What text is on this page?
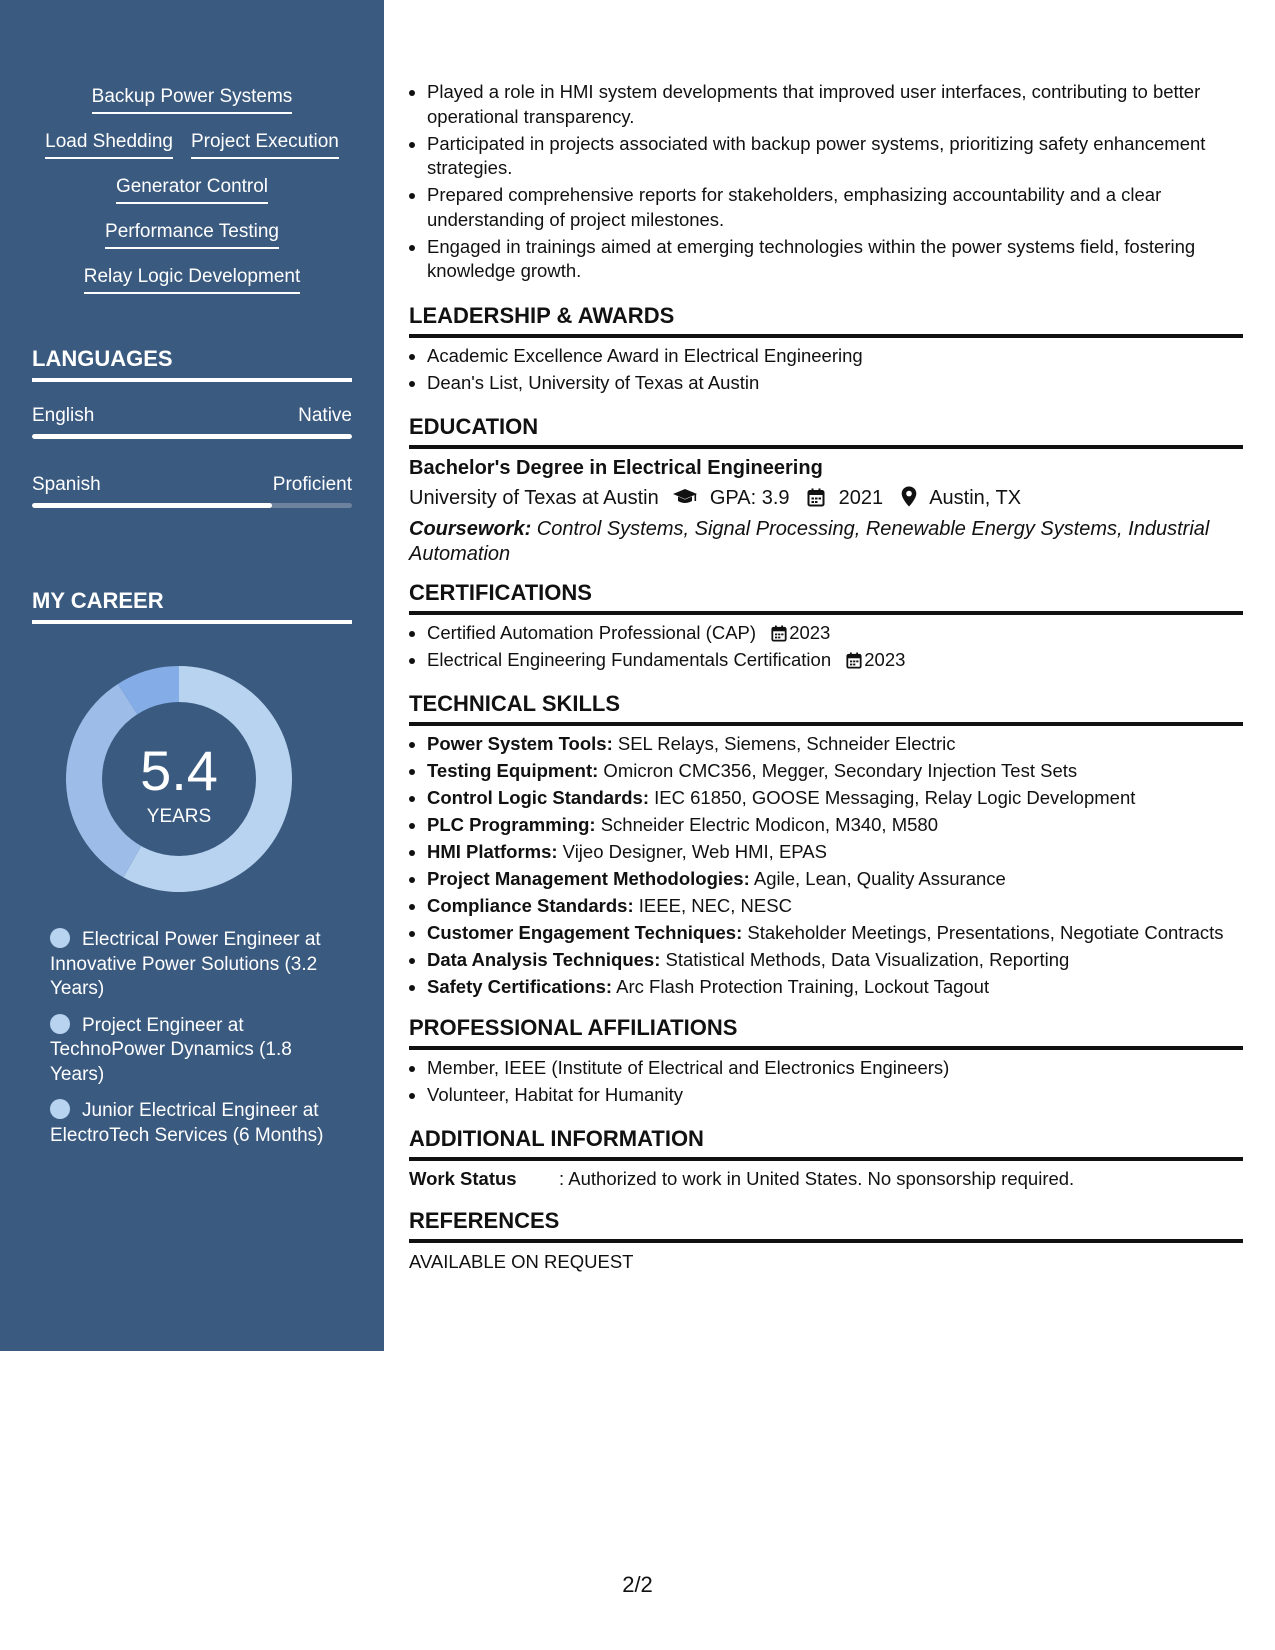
Backup Power Systems
Load Shedding Project Execution
Generator Control
Performance Testing
Relay Logic Development
LANGUAGES
English	Native
Spanish	Proficient
MY CAREER
5.4
YEARS
Electrical Power Engineer at Innovative Power Solutions (3.2 Years)
Project Engineer at TechnoPower Dynamics (1.8 Years)
Junior Electrical Engineer at ElectroTech Services (6 Months)
• Played a role in HMI system developments that improved user interfaces, contributing to better operational transparency.
• Participated in projects associated with backup power systems, prioritizing safety enhancement strategies.
• Prepared comprehensive reports for stakeholders, emphasizing accountability and a clear understanding of project milestones.
• Engaged in trainings aimed at emerging technologies within the power systems field, fostering knowledge growth.
LEADERSHIP & AWARDS
• Academic Excellence Award in Electrical Engineering
• Dean's List, University of Texas at Austin
EDUCATION
Bachelor's Degree in Electrical Engineering
University of Texas at Austin	GPA: 3.9 2021 Austin, TX
Coursework: Control Systems, Signal Processing, Renewable Energy Systems, Industrial Automation
CERTIFICATIONS
• Certified Automation Professional (CAP) 2023
• Electrical Engineering Fundamentals Certification 2023
TECHNICAL SKILLS
• Power System Tools: SEL Relays, Siemens, Schneider Electric
• Testing Equipment: Omicron CMC356, Megger, Secondary Injection Test Sets
• Control Logic Standards: IEC 61850, GOOSE Messaging, Relay Logic Development
• PLC Programming: Schneider Electric Modicon, M340, M580
• HMI Platforms: Vijeo Designer, Web HMI, EPAS
• Project Management Methodologies: Agile, Lean, Quality Assurance
• Compliance Standards: IEEE, NEC, NESC
• Customer Engagement Techniques: Stakeholder Meetings, Presentations, Negotiate Contracts
• Data Analysis Techniques: Statistical Methods, Data Visualization, Reporting
• Safety Certifications: Arc Flash Protection Training, Lockout Tagout
PROFESSIONAL AFFILIATIONS
• Member, IEEE (Institute of Electrical and Electronics Engineers)
• Volunteer, Habitat for Humanity
ADDITIONAL INFORMATION
Work Status	: Authorized to work in United States. No sponsorship required.
REFERENCES
AVAILABLE ON REQUEST
2/2
